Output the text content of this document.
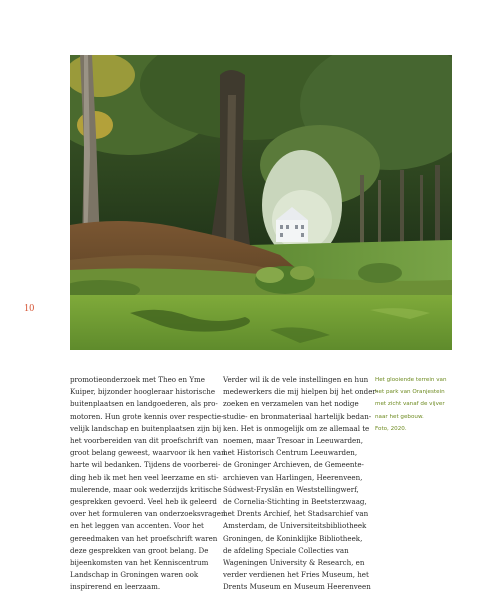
10
promotieonderzoek met Theo en Yme
Kuiper, bijzonder hoogleraar historische
buitenplaatsen en landgoederen, als pro-
motoren. Hun grote kennis over respectie-
velijk landschap en buitenplaatsen zijn bij
het voorbereiden van dit proefschrift van
groot belang geweest, waarvoor ik hen van
harte wil bedanken. Tijdens de voorberei-
ding heb ik met hen veel leerzame en sti-
mulerende, maar ook wederzijds kritische
gesprekken gevoerd. Veel heb ik geleerd
over het formuleren van onderzoeksvragen
en het leggen van accenten. Voor het
gereedmaken van het proefschrift waren
deze gesprekken van groot belang. De
bijeenkomsten van het Kenniscentrum
Landschap in Groningen waren ook
inspirerend en leerzaam.
Verder wil ik de vele instellingen en hun
medewerkers die mij hielpen bij het onder-
zoeken en verzamelen van het nodige
studie- en bronmateriaal hartelijk bedan-
ken. Het is onmogelijk om ze allemaal te
noemen, maar Tresoar in Leeuwarden,
het Historisch Centrum Leeuwarden,
de Groninger Archieven, de Gemeente-
archieven van Harlingen, Heerenveen,
Súdwest-Fryslân en Weststellingwerf,
de Cornelia-Stichting in Beetsterzwaag,
het Drents Archief, het Stadsarchief van
Amsterdam, de Universiteitsbibliotheek
Groningen, de Koninklijke Bibliotheek,
de afdeling Speciale Collecties van
Wageningen University & Research, en
verder verdienen het Fries Museum, het
Drents Museum en Museum Heerenveen
Het glooiende terrein van
het park van Oranjestein
met zicht vanaf de vijver
naar het gebouw.
Foto, 2020.
